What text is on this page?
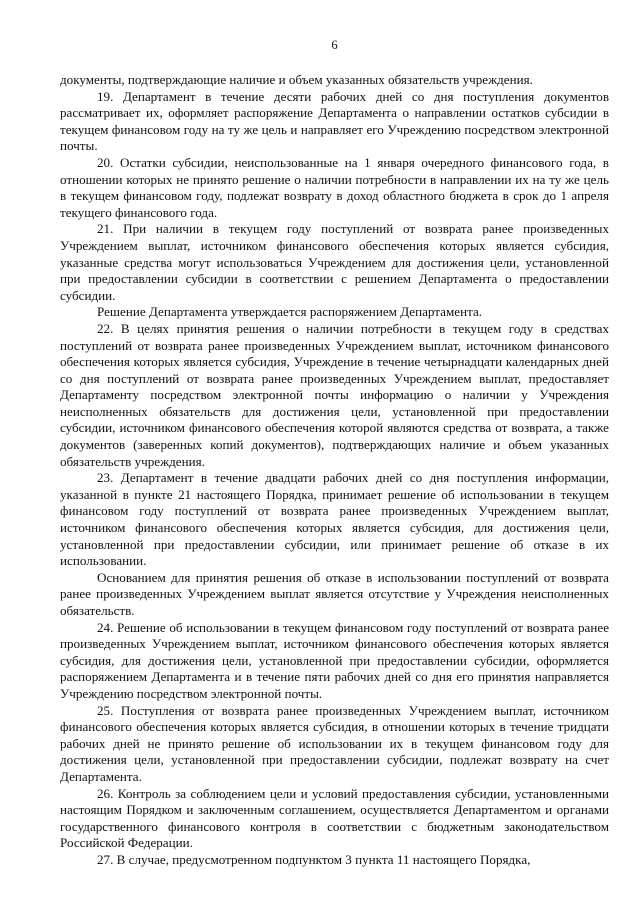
6

документы, подтверждающие наличие и объем указанных обязательств учреждения.

19. Департамент в течение десяти рабочих дней со дня поступления документов рассматривает их, оформляет распоряжение Департамента о направлении остатков субсидии в текущем финансовом году на ту же цель и направляет его Учреждению посредством электронной почты.

20. Остатки субсидии, неиспользованные на 1 января очередного финансового года, в отношении которых не принято решение о наличии потребности в направлении их на ту же цель в текущем финансовом году, подлежат возврату в доход областного бюджета в срок до 1 апреля текущего финансового года.

21. При наличии в текущем году поступлений от возврата ранее произведенных Учреждением выплат, источником финансового обеспечения которых является субсидия, указанные средства могут использоваться Учреждением для достижения цели, установленной при предоставлении субсидии в соответствии с решением Департамента о предоставлении субсидии.

Решение Департамента утверждается распоряжением Департамента.

22. В целях принятия решения о наличии потребности в текущем году в средствах поступлений от возврата ранее произведенных Учреждением выплат, источником финансового обеспечения которых является субсидия, Учреждение в течение четырнадцати календарных дней со дня поступлений от возврата ранее произведенных Учреждением выплат, предоставляет Департаменту посредством электронной почты информацию о наличии у Учреждения неисполненных обязательств для достижения цели, установленной при предоставлении субсидии, источником финансового обеспечения которой являются средства от возврата, а также документов (заверенных копий документов), подтверждающих наличие и объем указанных обязательств учреждения.

23. Департамент в течение двадцати рабочих дней со дня поступления информации, указанной в пункте 21 настоящего Порядка, принимает решение об использовании в текущем финансовом году поступлений от возврата ранее произведенных Учреждением выплат, источником финансового обеспечения которых является субсидия, для достижения цели, установленной при предоставлении субсидии, или принимает решение об отказе в их использовании.

Основанием для принятия решения об отказе в использовании поступлений от возврата ранее произведенных Учреждением выплат является отсутствие у Учреждения неисполненных обязательств.

24. Решение об использовании в текущем финансовом году поступлений от возврата ранее произведенных Учреждением выплат, источником финансового обеспечения которых является субсидия, для достижения цели, установленной при предоставлении субсидии, оформляется распоряжением Департамента и в течение пяти рабочих дней со дня его принятия направляется Учреждению посредством электронной почты.

25. Поступления от возврата ранее произведенных Учреждением выплат, источником финансового обеспечения которых является субсидия, в отношении которых в течение тридцати рабочих дней не принято решение об использовании их в текущем финансовом году для достижения цели, установленной при предоставлении субсидии, подлежат возврату на счет Департамента.

26. Контроль за соблюдением цели и условий предоставления субсидии, установленными настоящим Порядком и заключенным соглашением, осуществляется Департаментом и органами государственного финансового контроля в соответствии с бюджетным законодательством Российской Федерации.

27. В случае, предусмотренном подпунктом 3 пункта 11 настоящего Порядка,
